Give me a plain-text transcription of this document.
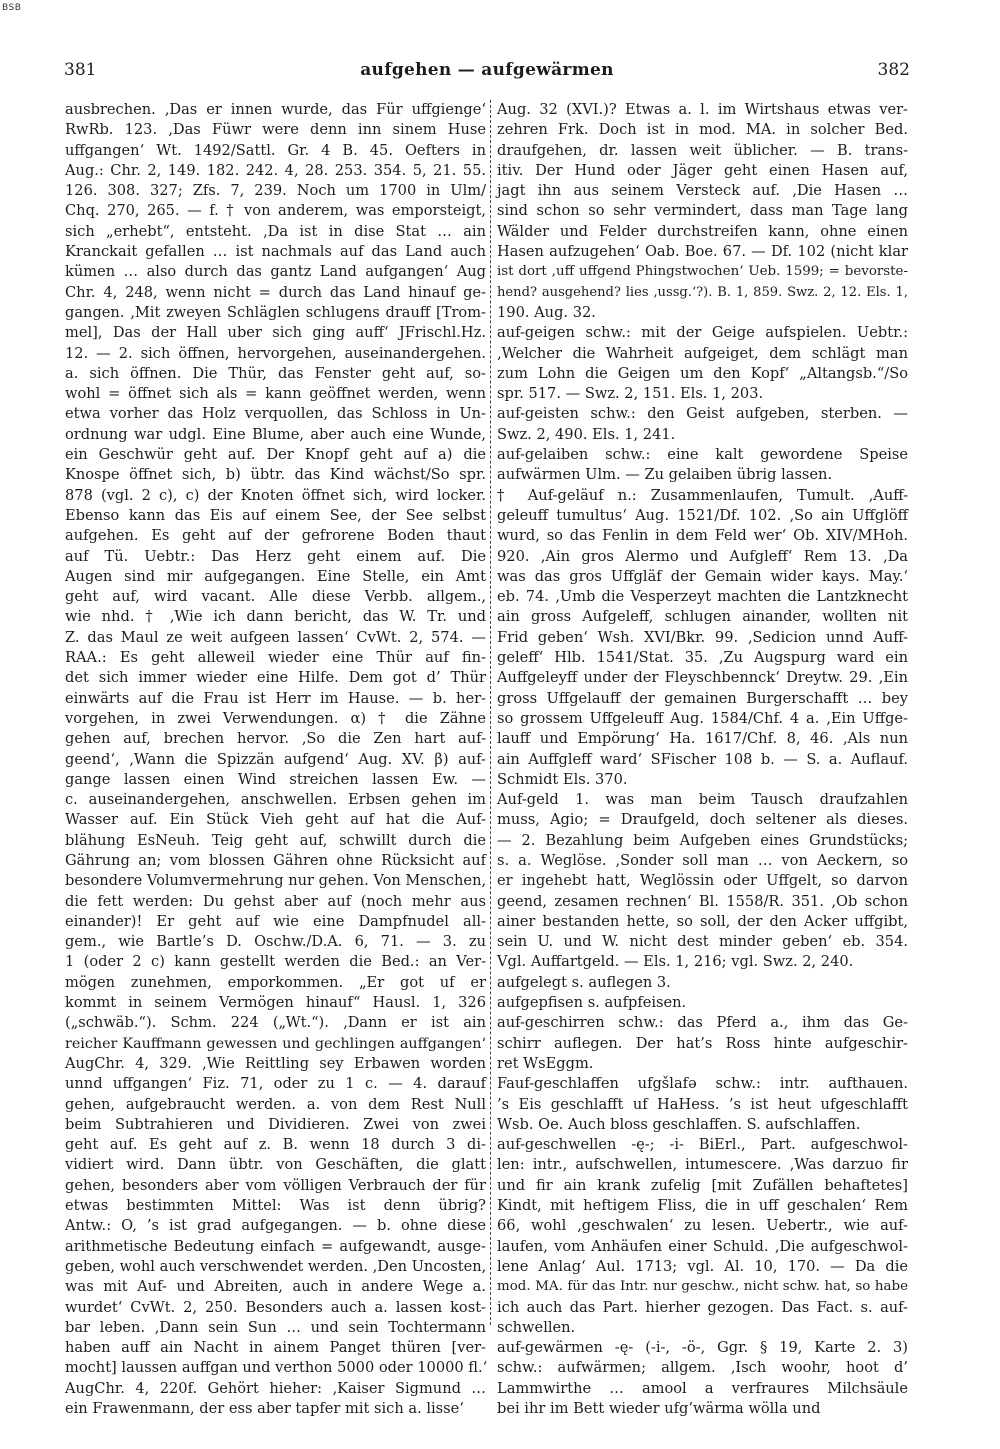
BSB
381	aufgehen — aufgewärmen	382
ausbrechen. ‚Das er innen wurde, das Für uffgienge‘
RwRb. 123. ‚Das Füwr were denn inn sinem Huse
uffgangen‘ Wt. 1492/Sattl. Gr. 4 B. 45. Oefters in
Aug.: Chr. 2, 149. 182. 242. 4, 28. 253. 354. 5, 21. 55.
126. 308. 327; Zfs. 7, 239. Noch um 1700 in Ulm/
Chq. 270, 265. — f. † von anderem, was emporsteigt,
sich „erhebt“, entsteht. ‚Da ist in dise Stat … ain
Kranckait gefallen … ist nachmals auf das Land auch
kümen … also durch das gantz Land aufgangen‘ Aug
Chr. 4, 248, wenn nicht = durch das Land hinauf ge-
gangen. ‚Mit zweyen Schläglen schlugens drauff [Trom-
mel], Das der Hall uber sich ging auff‘ JFrischl.Hz.
12. — 2. sich öffnen, hervorgehen, auseinandergehen.
a. sich öffnen. Die Thür, das Fenster geht auf, so-
wohl = öffnet sich als = kann geöffnet werden, wenn
etwa vorher das Holz verquollen, das Schloss in Un-
ordnung war udgl. Eine Blume, aber auch eine Wunde,
ein Geschwür geht auf. Der Knopf geht auf a) die
Knospe öffnet sich, b) übtr. das Kind wächst/So spr.
878 (vgl. 2 c), c) der Knoten öffnet sich, wird locker.
Ebenso kann das Eis auf einem See, der See selbst
aufgehen. Es geht auf der gefrorene Boden thaut
auf Tü. Uebtr.: Das Herz geht einem auf. Die
Augen sind mir aufgegangen. Eine Stelle, ein Amt
geht auf, wird vacant. Alle diese Verbb. allgem.,
wie nhd. † ‚Wie ich dann bericht, das W. Tr. und
Z. das Maul ze weit aufgeen lassen‘ CvWt. 2, 574. —
RAA.: Es geht alleweil wieder eine Thür auf fin-
det sich immer wieder eine Hilfe. Dem got d’ Thür
einwärts auf die Frau ist Herr im Hause. — b. her-
vorgehen, in zwei Verwendungen. α) † die Zähne
gehen auf, brechen hervor. ‚So die Zen hart auf-
geend‘, ‚Wann die Spizzän aufgend‘ Aug. XV. β) auf-
gange lassen einen Wind streichen lassen Ew. —
c. auseinandergehen, anschwellen. Erbsen gehen im
Wasser auf. Ein Stück Vieh geht auf hat die Auf-
blähung EsNeuh. Teig geht auf, schwillt durch die
Gährung an; vom blossen Gähren ohne Rücksicht auf
besondere Volumvermehrung nur gehen. Von Menschen,
die fett werden: Du gehst aber auf (noch mehr aus
einander)! Er geht auf wie eine Dampfnudel all-
gem., wie Bartle’s D. Oschw./D.A. 6, 71. — 3. zu
1 (oder 2 c) kann gestellt werden die Bed.: an Ver-
mögen zunehmen, emporkommen. „Er got uf er
kommt in seinem Vermögen hinauf“ Hausl. 1, 326
(„schwäb.“). Schm. 224 („Wt.“). ‚Dann er ist ain
reicher Kauffmann gewessen und gechlingen auffgangen‘
AugChr. 4, 329. ‚Wie Reittling sey Erbawen worden
unnd uffgangen‘ Fiz. 71, oder zu 1 c. — 4. darauf
gehen, aufgebraucht werden. a. von dem Rest Null
beim Subtrahieren und Dividieren. Zwei von zwei
geht auf. Es geht auf z. B. wenn 18 durch 3 di-
vidiert wird. Dann übtr. von Geschäften, die glatt
gehen, besonders aber vom völligen Verbrauch der für
etwas bestimmten Mittel: Was ist denn übrig?
Antw.: O, ’s ist grad aufgegangen. — b. ohne diese
arithmetische Bedeutung einfach = aufgewandt, ausge-
geben, wohl auch verschwendet werden. ‚Den Uncosten,
was mit Auf- und Abreiten, auch in andere Wege a.
wurdet‘ CvWt. 2, 250. Besonders auch a. lassen kost-
bar leben. ‚Dann sein Sun … und sein Tochtermann
haben auff ain Nacht in ainem Panget thüren [ver-
mocht] laussen auffgan und verthon 5000 oder 10000 fl.‘
AugChr. 4, 220f. Gehört hieher: ‚Kaiser Sigmund …
ein Frawenmann, der ess aber tapfer mit sich a. lisse‘
Aug. 32 (XVI.)? Etwas a. l. im Wirtshaus etwas ver-
zehren Frk. Doch ist in mod. MA. in solcher Bed.
draufgehen, dr. lassen weit üblicher. — B. trans-
itiv. Der Hund oder Jäger geht einen Hasen auf,
jagt ihn aus seinem Versteck auf. ‚Die Hasen …
sind schon so sehr vermindert, dass man Tage lang
Wälder und Felder durchstreifen kann, ohne einen
Hasen aufzugehen‘ Oab. Boe. 67. — Df. 102 (nicht klar
ist dort ‚uff uffgend Phingstwochen‘ Ueb. 1599; = bevorste-
hend? ausgehend? lies ‚ussg.‘?). B. 1, 859. Swz. 2, 12. Els. 1,
190. Aug. 32.
auf-geigen schw.: mit der Geige aufspielen. Uebtr.:
‚Welcher die Wahrheit aufgeiget, dem schlägt man
zum Lohn die Geigen um den Kopf‘ „Altangsb.“/So
spr. 517. — Swz. 2, 151. Els. 1, 203.
auf-geisten schw.: den Geist aufgeben, sterben. —
Swz. 2, 490. Els. 1, 241.
auf-gelaiben schw.: eine kalt gewordene Speise
aufwärmen Ulm. — Zu gelaiben übrig lassen.
† Auf-geläuf n.: Zusammenlaufen, Tumult. ‚Auff-
geleuff tumultus‘ Aug. 1521/Df. 102. ‚So ain Uffglöff
wurd, so das Fenlin in dem Feld wer‘ Ob. XIV/MHoh.
920. ‚Ain gros Alermo und Aufgleff‘ Rem 13. ‚Da
was das gros Uffgläf der Gemain wider kays. May.‘
eb. 74. ‚Umb die Vesperzeyt machten die Lantzknecht
ain gross Aufgeleff, schlugen ainander, wollten nit
Frid geben‘ Wsh. XVI/Bkr. 99. ‚Sedicion unnd Auff-
geleff‘ Hlb. 1541/Stat. 35. ‚Zu Augspurg ward ein
Auffgeleyff under der Fleyschbennck‘ Dreytw. 29. ‚Ein
gross Uffgelauff der gemainen Burgerschafft … bey
so grossem Uffgeleuff Aug. 1584/Chf. 4 a. ‚Ein Uffge-
lauff und Empörung‘ Ha. 1617/Chf. 8, 46. ‚Als nun
ain Auffgleff ward‘ SFischer 108 b. — S. a. Auflauf.
Schmidt Els. 370.
Auf-geld 1. was man beim Tausch draufzahlen
muss, Agio; = Draufgeld, doch seltener als dieses.
— 2. Bezahlung beim Aufgeben eines Grundstücks;
s. a. Weglöse. ‚Sonder soll man … von Aeckern, so
er ingehebt hatt, Weglössin oder Uffgelt, so darvon
geend, zesamen rechnen‘ Bl. 1558/R. 351. ‚Ob schon
ainer bestanden hette, so soll, der den Acker uffgibt,
sein U. und W. nicht dest minder geben‘ eb. 354.
Vgl. Auffartgeld. — Els. 1, 216; vgl. Swz. 2, 240.
aufgelegt s. auflegen 3.
aufgepfisen s. aufpfeisen.
auf-geschirren schw.: das Pferd a., ihm das Ge-
schirr auflegen. Der hat’s Ross hinte aufgeschir-
ret WsEggm.
Fauf-geschlaffen ufgšlafə schw.: intr. aufthauen.
’s Eis geschlafft uf HaHess. ’s ist heut ufgeschlafft
Wsb. Oe. Auch bloss geschlaffen. S. aufschlaffen.
auf-geschwellen -ę-; -i- BiErl., Part. aufgeschwol-
len: intr., aufschwellen, intumescere. ‚Was darzuo fir
und fir ain krank zufelig [mit Zufällen behaftetes]
Kindt, mit heftigem Fliss, die in uff geschalen‘ Rem
66, wohl ‚geschwalen‘ zu lesen. Uebertr., wie auf-
laufen, vom Anhäufen einer Schuld. ‚Die aufgeschwol-
lene Anlag‘ Aul. 1713; vgl. Al. 10, 170. — Da die
mod. MA. für das Intr. nur geschw., nicht schw. hat, so habe
ich auch das Part. hierher gezogen. Das Fact. s. auf-
schwellen.
auf-gewärmen -ę- (-i-, -ö-, Ggr. § 19, Karte 2. 3)
schw.: aufwärmen; allgem. ‚Isch woohr, hoot d’
Lammwirthe … amool a verfraures Milchsäule
bei ihr im Bett wieder ufg’wärma wölla und
